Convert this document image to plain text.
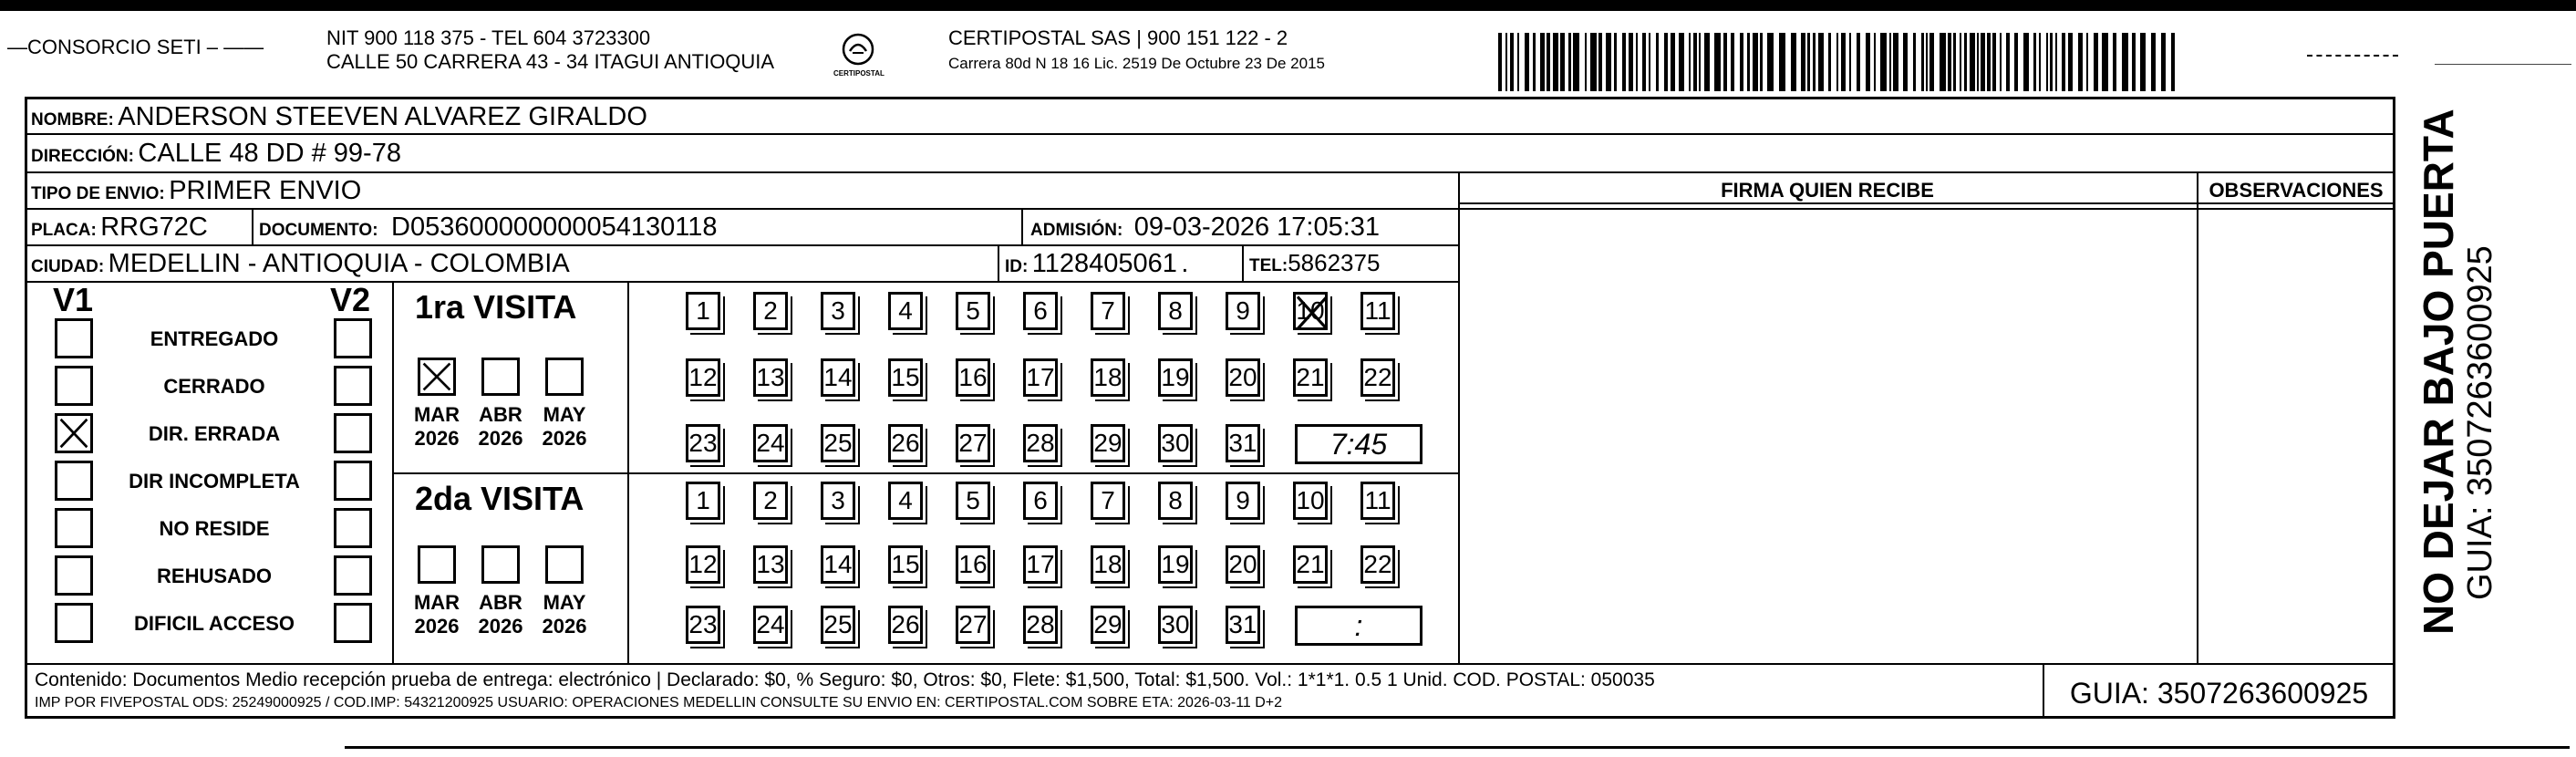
—CONSORCIO SETI – ——	NIT 900 118 375 - TEL 604 3723300
CALLE 50 CARRERA 43 - 34 ITAGUI ANTIOQUIA
CERTIPOSTAL
CERTIPOSTAL SAS | 900 151 122 - 2
Carrera 80d N 18 16 Lic. 2519 De Octubre 23 De 2015
NOMBRE: ANDERSON STEEVEN ALVAREZ GIRALDO
DIRECCIÓN: CALLE 48 DD # 99-78
TIPO DE ENVIO: PRIMER ENVIO
PLACA: RRG72C	DOCUMENTO: D053600000000054130118	ADMISIÓN: 09-03-2026 17:05:31
CIUDAD: MEDELLIN - ANTIOQUIA - COLOMBIA	ID: 1128405061 .	TEL:5862375
FIRMA QUIEN RECIBE	OBSERVACIONES
V1	V2
ENTREGADO
CERRADO
DIR. ERRADA
DIR INCOMPLETA
NO RESIDE
REHUSADO
DIFICIL ACCESO
1ra VISITA
MAR
2026
ABR
2026
MAY
2026
1 2 3 4 5 6 7 8 9 10 11
12 13 14 15 16 17 18 19 20 21 22
23 24 25 26 27 28 29 30 31	7:45
2da VISITA
MAR
2026
ABR
2026
MAY
2026
1 2 3 4 5 6 7 8 9 10 11
12 13 14 15 16 17 18 19 20 21 22
23 24 25 26 27 28 29 30 31	:
Contenido: Documentos Medio recepción prueba de entrega: electrónico | Declarado: $0, % Seguro: $0, Otros: $0, Flete: $1,500, Total: $1,500. Vol.: 1*1*1. 0.5 1 Unid. COD. POSTAL: 050035
IMP POR FIVEPOSTAL ODS: 25249000925 / COD.IMP: 54321200925 USUARIO: OPERACIONES MEDELLIN CONSULTE SU ENVIO EN: CERTIPOSTAL.COM SOBRE ETA: 2026-03-11 D+2	GUIA: 3507263600925
NO DEJAR BAJO PUERTA GUIA: 3507263600925
